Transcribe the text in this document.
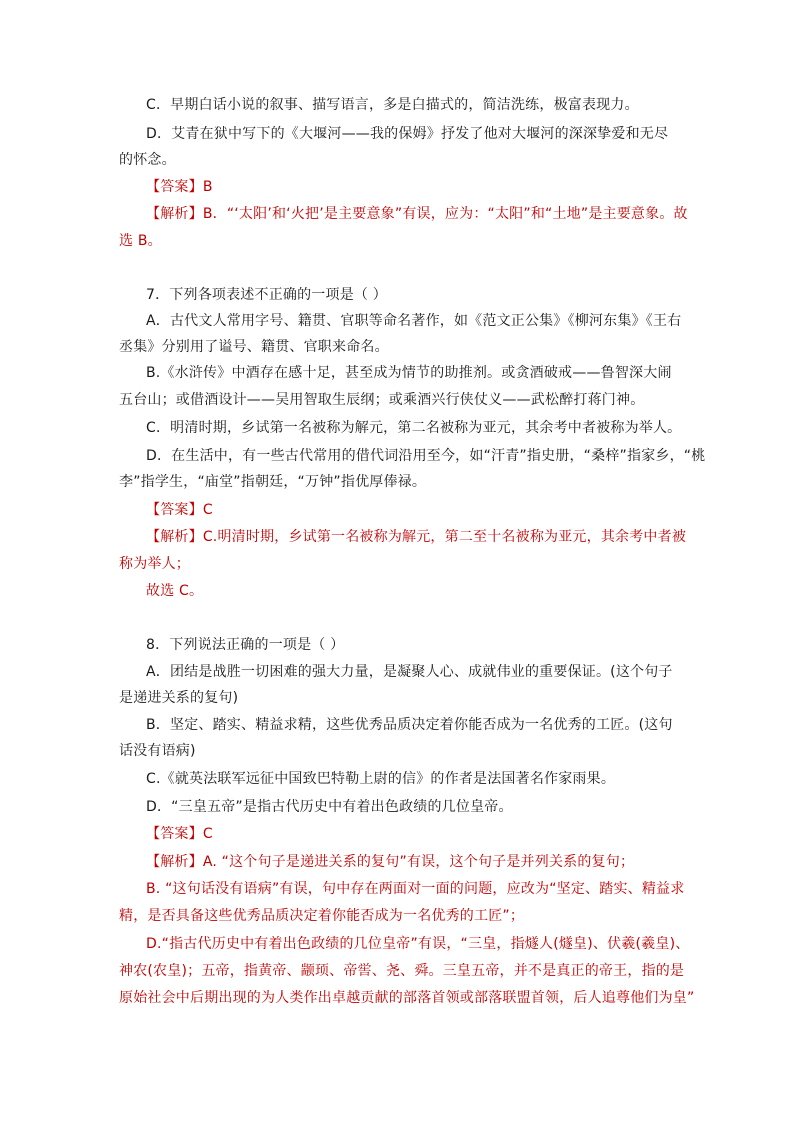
C．早期白话小说的叙事、描写语言，多是白描式的，简洁洗练，极富表现力。
D．艾青在狱中写下的《大堰河——我的保姆》抒发了他对大堰河的深深挚爱和无尽
的怀念。
【答案】B
【解析】B．“‘太阳’和‘火把’是主要意象”有误，应为：“太阳”和“土地”是主要意象。故
选 B。
7．下列各项表述不正确的一项是（ ）
A．古代文人常用字号、籍贯、官职等命名著作，如《范文正公集》《柳河东集》《王右
丞集》分别用了谥号、籍贯、官职来命名。
B.《水浒传》中酒存在感十足，甚至成为情节的助推剂。或贪酒破戒——鲁智深大闹
五台山；或借酒设计——吴用智取生辰纲；或乘酒兴行侠仗义——武松醉打蒋门神。
C．明清时期，乡试第一名被称为解元，第二名被称为亚元，其余考中者被称为举人。
D．在生活中，有一些古代常用的借代词沿用至今，如“汗青”指史册，“桑梓”指家乡，“桃
李”指学生，“庙堂”指朝廷，“万钟”指优厚俸禄。
【答案】C
【解析】C.明清时期，乡试第一名被称为解元，第二至十名被称为亚元，其余考中者被
称为举人；
故选 C。
8．下列说法正确的一项是（ ）
A．团结是战胜一切困难的强大力量，是凝聚人心、成就伟业的重要保证。(这个句子
是递进关系的复句)
B．坚定、踏实、精益求精，这些优秀品质决定着你能否成为一名优秀的工匠。(这句
话没有语病)
C.《就英法联军远征中国致巴特勒上尉的信》的作者是法国著名作家雨果。
D．“三皇五帝”是指古代历史中有着出色政绩的几位皇帝。
【答案】C
【解析】A. “这个句子是递进关系的复句”有误，这个句子是并列关系的复句；
B. “这句话没有语病”有误，句中存在两面对一面的问题，应改为“坚定、踏实、精益求
精，是否具备这些优秀品质决定着你能否成为一名优秀的工匠”；
D.“指古代历史中有着出色政绩的几位皇帝”有误，“三皇，指燧人(燧皇)、伏羲(羲皇)、
神农(农皇)；五帝，指黄帝、颛顼、帝喾、尧、舜。三皇五帝，并不是真正的帝王，指的是
原始社会中后期出现的为人类作出卓越贡献的部落首领或部落联盟首领，后人追尊他们为皇”
